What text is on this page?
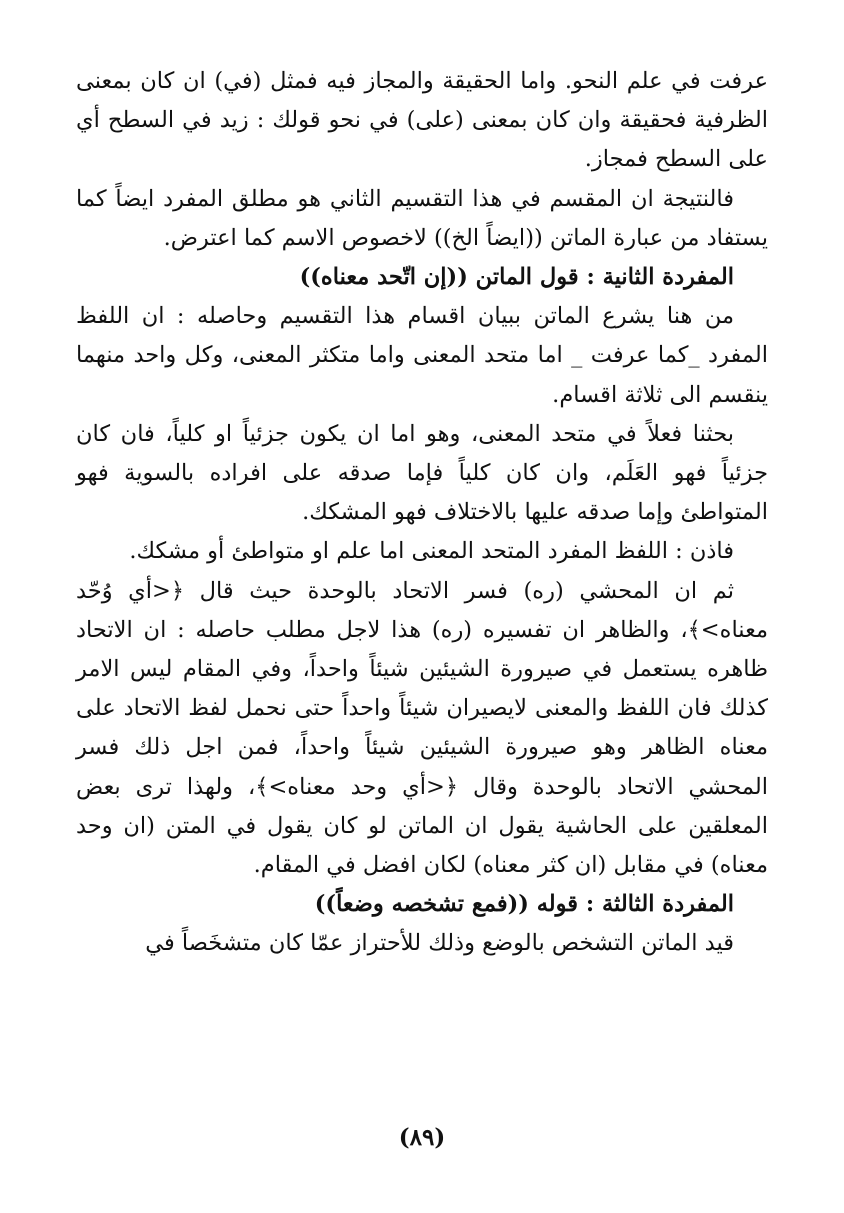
عرفت في علم النحو. واما الحقيقة والمجاز فيه فمثل (في) ان كان بمعنى الظرفية فحقيقة وان كان بمعنى (على) في نحو قولك : زيد في السطح أي على السطح فمجاز.

فالنتيجة ان المقسم في هذا التقسيم الثاني هو مطلق المفرد ايضاً كما يستفاد من عبارة الماتن ((ايضاً الخ)) لاخصوص الاسم كما اعترض.

المفردة الثانية : قول الماتن ((إن اتّحد معناه))

من هنا يشرع الماتن ببيان اقسام هذا التقسيم وحاصله : ان اللفظ المفرد _كما عرفت _ اما متحد المعنى واما متكثر المعنى، وكل واحد منهما ينقسم الى ثلاثة اقسام.

بحثنا فعلاً في متحد المعنى، وهو اما ان يكون جزئياً او كلياً، فان كان جزئياً فهو العَلَم، وان كان كلياً فإما صدقه على افراده بالسوية فهو المتواطئ وإما صدقه عليها بالاختلاف فهو المشكك.

فاذن : اللفظ المفرد المتحد المعنى اما علم او متواطئ أو مشكك.

ثم ان المحشي (ره) فسر الاتحاد بالوحدة حيث قال ﴿<أي وُحّد معناه>﴾، والظاهر ان تفسيره (ره) هذا لاجل مطلب حاصله : ان الاتحاد ظاهره يستعمل في صيرورة الشيئين شيئاً واحداً، وفي المقام ليس الامر كذلك فان اللفظ والمعنى لايصيران شيئاً واحداً حتى نحمل لفظ الاتحاد على معناه الظاهر وهو صيرورة الشيئين شيئاً واحداً، فمن اجل ذلك فسر المحشي الاتحاد بالوحدة وقال ﴿<أي وحد معناه>﴾، ولهذا ترى بعض المعلقين على الحاشية يقول ان الماتن لو كان يقول في المتن (ان وحد معناه) في مقابل (ان كثر معناه) لكان افضل في المقام.

المفردة الثالثة : قوله ((فمع تشخصه وضعاً))

قيد الماتن التشخص بالوضع وذلك للأحتراز عمّا كان متشخَصاً في

(٨٩)
